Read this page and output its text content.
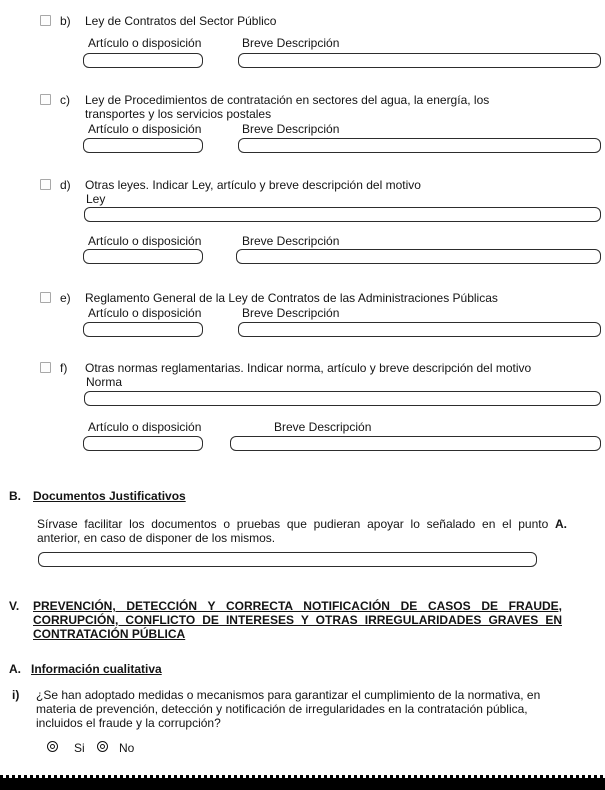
b) Ley de Contratos del Sector Público
Artículo o disposición	Breve Descripción
c) Ley de Procedimientos de contratación en sectores del agua, la energía, los
transportes y los servicios postales
Artículo o disposición	Breve Descripción
d) Otras leyes. Indicar Ley, artículo y breve descripción del motivo
Ley
Artículo o disposición	Breve Descripción
e) Reglamento General de la Ley de Contratos de las Administraciones Públicas
Artículo o disposición	Breve Descripción
f) Otras normas reglamentarias. Indicar norma, artículo y breve descripción del motivo
Norma
Artículo o disposición	Breve Descripción
B. Documentos Justificativos
Sírvase facilitar los documentos o pruebas que pudieran apoyar lo señalado en el punto A.
anterior, en caso de disponer de los mismos.
V. PREVENCIÓN, DETECCIÓN Y CORRECTA NOTIFICACIÓN DE CASOS DE FRAUDE,
CORRUPCIÓN, CONFLICTO DE INTERESES Y OTRAS IRREGULARIDADES GRAVES EN
CONTRATACIÓN PÚBLICA
A. Información cualitativa
i) ¿Se han adoptado medidas o mecanismos para garantizar el cumplimiento de la normativa, en
materia de prevención, detección y notificación de irregularidades en la contratación pública,
incluidos el fraude y la corrupción?
Si	No
